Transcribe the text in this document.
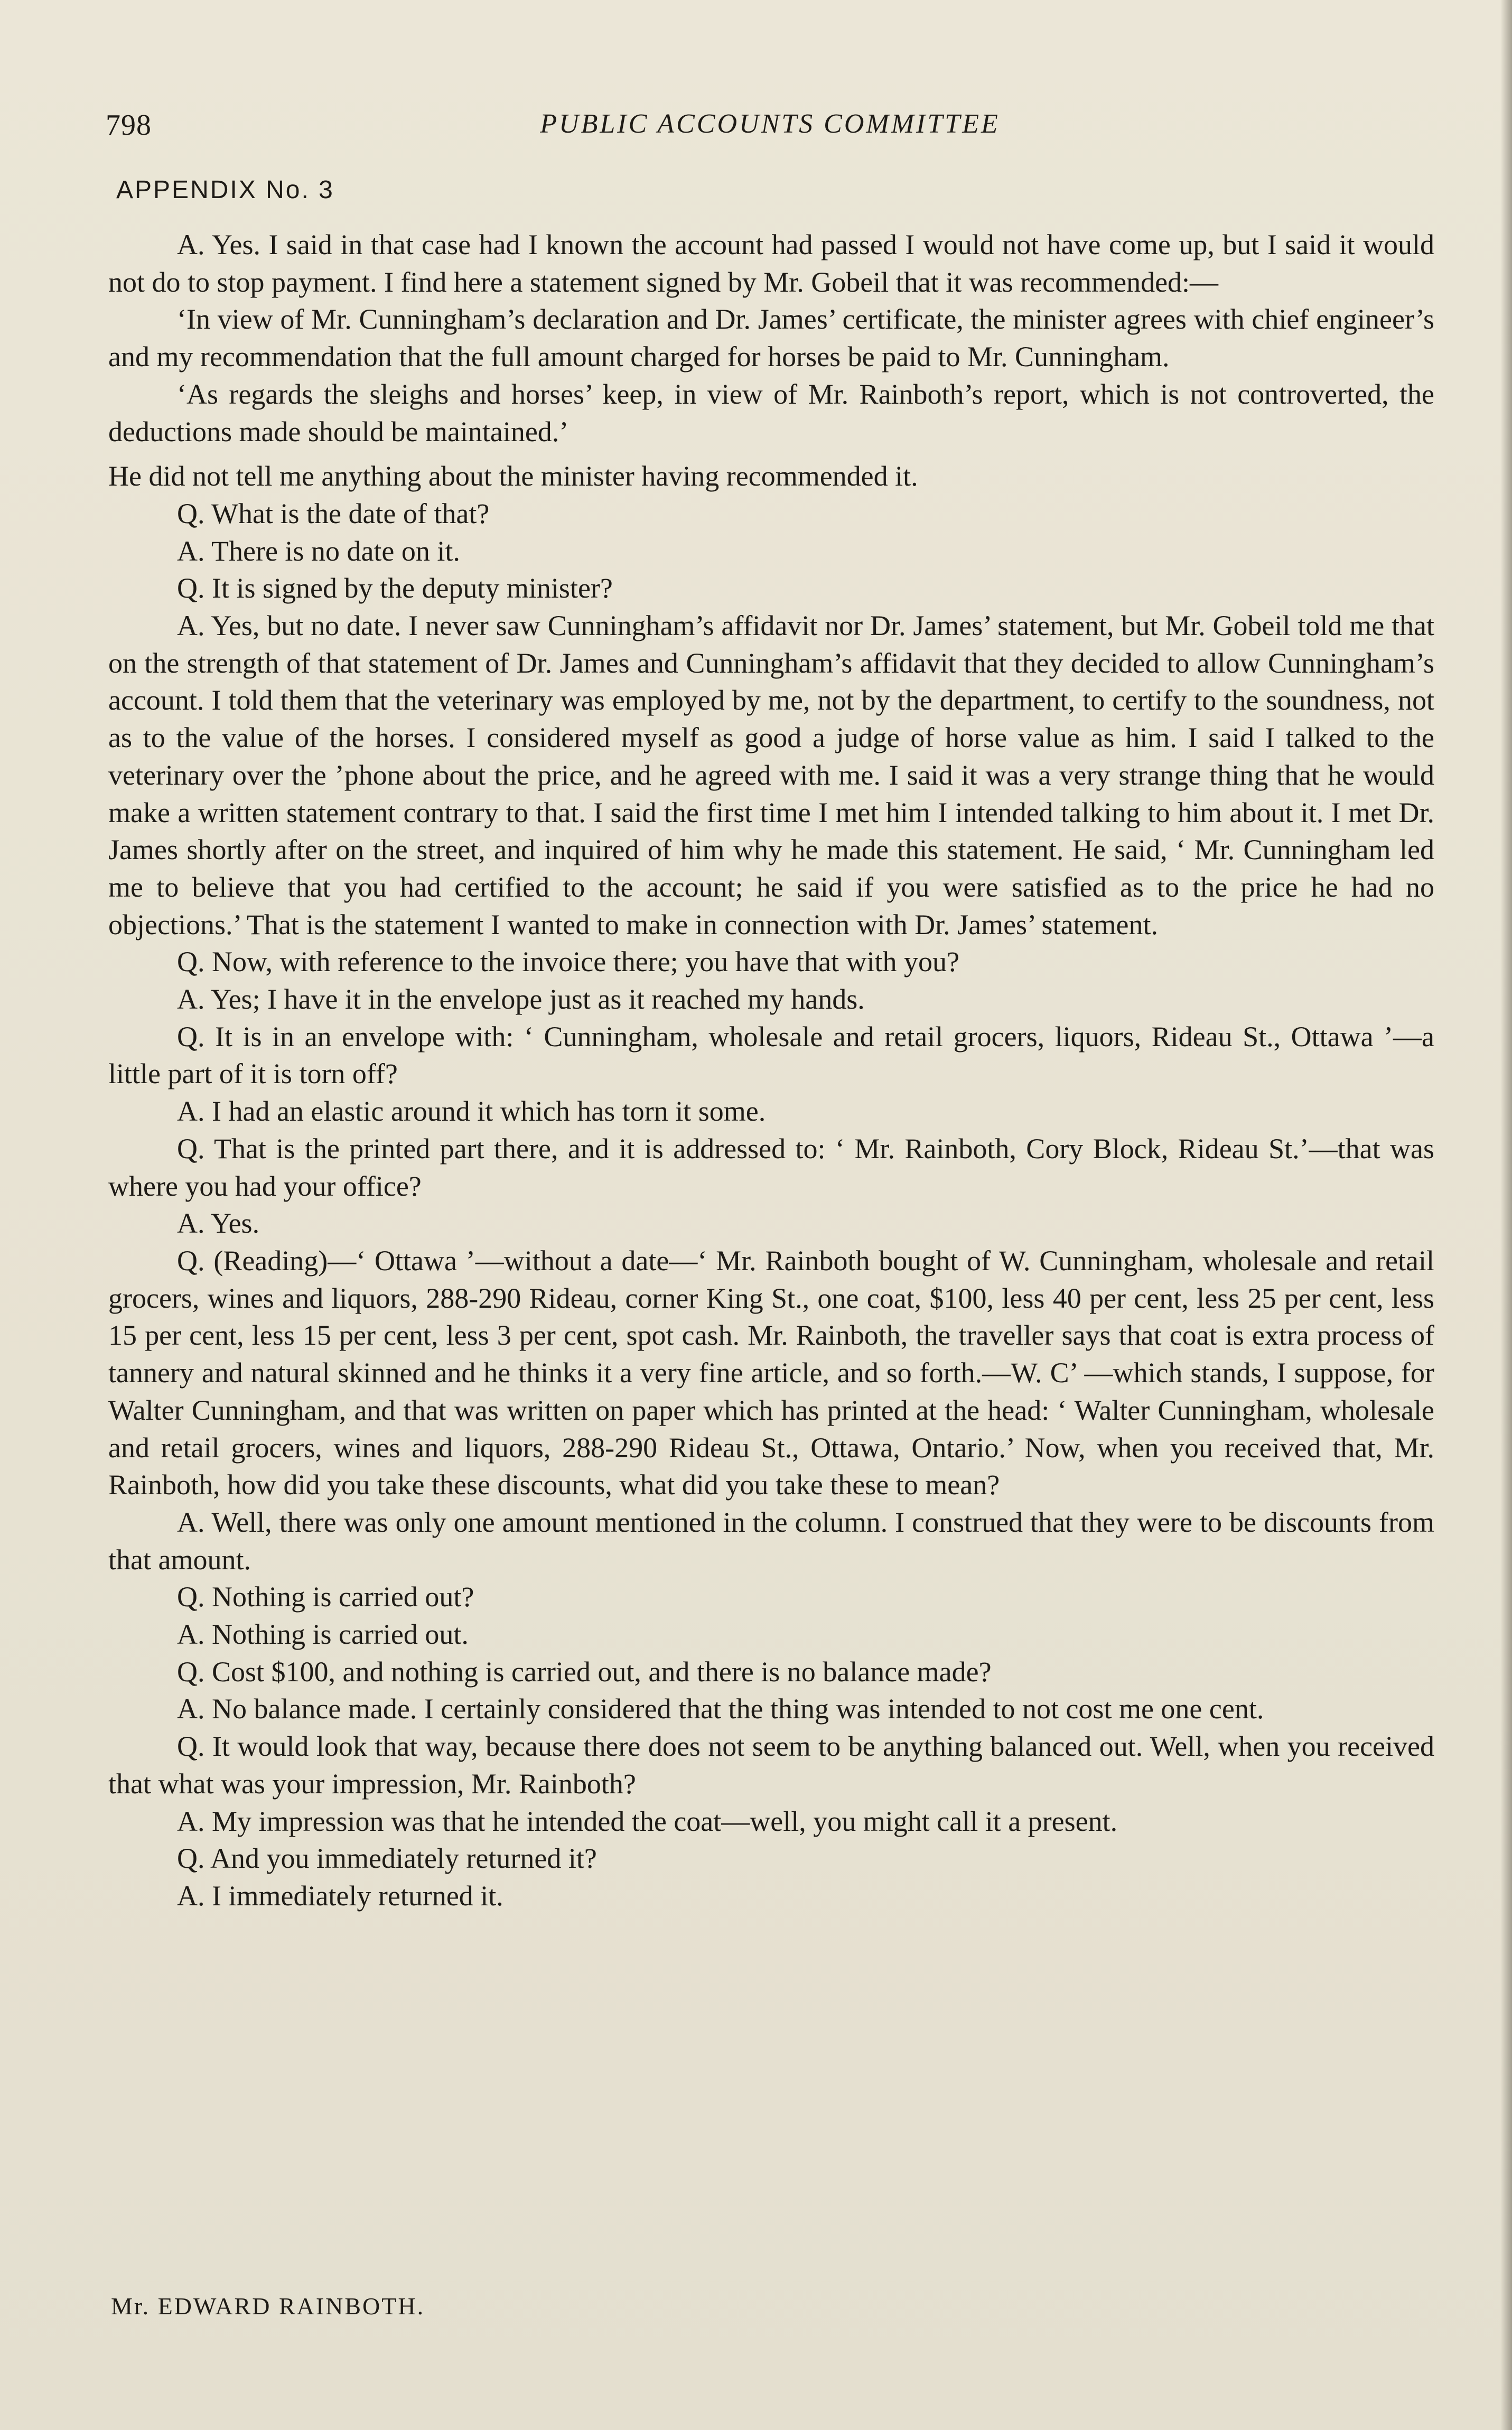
798	PUBLIC ACCOUNTS COMMITTEE
APPENDIX No. 3

A. Yes. I said in that case had I known the account had passed I would not have come up, but I said it would not do to stop payment. I find here a statement signed by Mr. Gobeil that it was recommended:—

‘In view of Mr. Cunningham’s declaration and Dr. James’ certificate, the minister agrees with chief engineer’s and my recommendation that the full amount charged for horses be paid to Mr. Cunningham.

‘As regards the sleighs and horses’ keep, in view of Mr. Rainboth’s report, which is not controverted, the deductions made should be maintained.’

He did not tell me anything about the minister having recommended it.

Q. What is the date of that?

A. There is no date on it.

Q. It is signed by the deputy minister?

A. Yes, but no date. I never saw Cunningham’s affidavit nor Dr. James’ statement, but Mr. Gobeil told me that on the strength of that statement of Dr. James and Cunningham’s affidavit that they decided to allow Cunningham’s account. I told them that the veterinary was employed by me, not by the department, to certify to the soundness, not as to the value of the horses. I considered myself as good a judge of horse value as him. I said I talked to the veterinary over the ’phone about the price, and he agreed with me. I said it was a very strange thing that he would make a written statement contrary to that. I said the first time I met him I intended talking to him about it. I met Dr. James shortly after on the street, and inquired of him why he made this statement. He said, ‘ Mr. Cunningham led me to believe that you had certified to the account; he said if you were satisfied as to the price he had no objections.’ That is the statement I wanted to make in connection with Dr. James’ statement.

Q. Now, with reference to the invoice there; you have that with you?

A. Yes; I have it in the envelope just as it reached my hands.

Q. It is in an envelope with: ‘ Cunningham, wholesale and retail grocers, liquors, Rideau St., Ottawa ’—a little part of it is torn off?

A. I had an elastic around it which has torn it some.

Q. That is the printed part there, and it is addressed to: ‘ Mr. Rainboth, Cory Block, Rideau St.’—that was where you had your office?

A. Yes.

Q. (Reading)—‘ Ottawa ’—without a date—‘ Mr. Rainboth bought of W. Cunningham, wholesale and retail grocers, wines and liquors, 288-290 Rideau, corner King St., one coat, $100, less 40 per cent, less 25 per cent, less 15 per cent, less 15 per cent, less 3 per cent, spot cash. Mr. Rainboth, the traveller says that coat is extra process of tannery and natural skinned and he thinks it a very fine article, and so forth.—W. C’ —which stands, I suppose, for Walter Cunningham, and that was written on paper which has printed at the head: ‘ Walter Cunningham, wholesale and retail grocers, wines and liquors, 288-290 Rideau St., Ottawa, Ontario.’ Now, when you received that, Mr. Rainboth, how did you take these discounts, what did you take these to mean?

A. Well, there was only one amount mentioned in the column. I construed that they were to be discounts from that amount.

Q. Nothing is carried out?

A. Nothing is carried out.

Q. Cost $100, and nothing is carried out, and there is no balance made?

A. No balance made. I certainly considered that the thing was intended to not cost me one cent.

Q. It would look that way, because there does not seem to be anything balanced out. Well, when you received that what was your impression, Mr. Rainboth?

A. My impression was that he intended the coat—well, you might call it a present.

Q. And you immediately returned it?

A. I immediately returned it.

Mr. EDWARD RAINBOTH.
